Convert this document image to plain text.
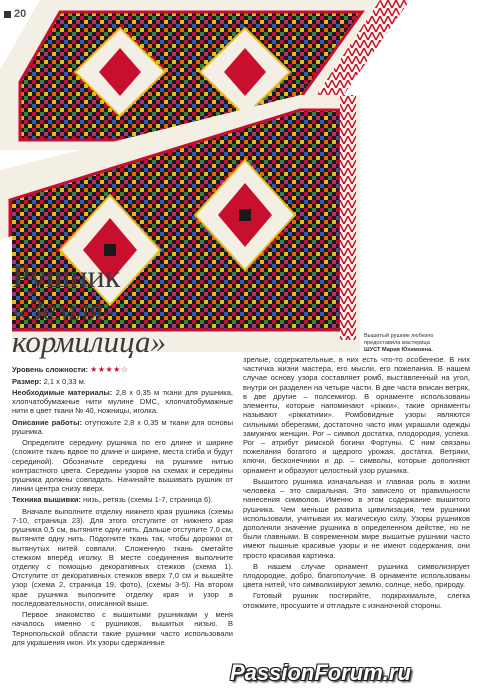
20
Рушник
«Земля-
кормилица»	Вышитый рушник любезно
предоставила мастерица
ШУСТ Мария Юхимовна.

Уровень сложности: ★★★★☆

Размер: 2,1 х 0,33 м.

Необходимые материалы: 2,8 х 0,35 м ткани для рушника, хлопчатобумажные нити мулине DMC, хлопчатобумажные нити в цвет ткани № 40, ножницы, иголка.

Описание работы: отутюжьте 2,8 х 0,35 м ткани для основы рушника.

Определите середину рушника по его длине и ширине (сложите ткань вдвое по длине и ширине, места сгиба и будут серединой). Обозначьте середины на рушнике нитью контрастного цвета. Середины узоров на схемах и середины рушника должны совпадать. Начинайте вышивать рушник от линии центра снизу вверх.

Техника вышивки: низь, ретязь (схемы 1-7, страница 6).

Вначале выполните отделку нижнего края рушника (схемы 7-10, страница 23). Для этого отступите от нижнего края рушника 0,5 см, вытяните одну нить. Дальше отступите 7,0 см, вытяните одну нить. Подогните ткань так, чтобы дорожки от вытянутых нитей совпали. Сложенную ткань сметайте стежком вперёд иголку. В месте соединения выполните отделку с помощью декоративных стежков (схема 1). Отступите от декоративных стежков вверх 7,0 см и вышейте узор (схема 2, страница 19, фото), (схемы 3-5). На втором крае рушника выполните отделку края и узор в последовательности, описанной выше.

Первое знакомство с вышитыми рушниками у меня началось именно с рушников, вышитых низью. В Тернопольской области такие рушники часто использовали для украшения икон. Их узоры сдержанные

зрелые, содержательные, в них есть что-то особенное. В них частичка жизни мастера, его мысли, его пожелания. В нашем случае основу узора составляет ромб, выставленный на угол, внутри он разделен на четыре части. В две части вписан ветряк, в две другие – полсемигор. В орнаменте использованы элементы, которые напоминают «ріжки», такие орнаменты называют «ріжкатими». Ромбовидные узоры являются сильными оберегами, достаточно часто ими украшали одежды замужних женщин. Рог – символ достатка, плодородия, успеха. Рог – атрибут римской богини Фортуны. С ним связаны пожелания богатого и щедрого урожая, достатка. Ветряки, ключи, бесконечники и др. – символы, которые дополняют орнамент и образуют целостный узор рушника.

Вышитого рушника изначальная и главная роль в жизни человека – это сакральная. Это зависело от правильности нанесения символов. Именно в этом содержание вышитого рушника. Чем меньше развита цивилизация, тем рушники использовали, учитывая их магическую силу. Узоры рушников дополняли значение рушника в определенном действе, но не были главными. В современном мире вышитые рушники часто имеют пышные красивые узоры и не имеют содержания, они просто красивая картинка.

В нашем случае орнамент рушника символизирует плодородие, добро, благополучие. В орнаменте использованы цвета нитей, что символизируют землю, солнце, небо, природу.

Готовый рушник постирайте, подкрахмальте, слегка отожмите, просушите и отгладьте с изнаночной стороны.

PassionForum.ru
